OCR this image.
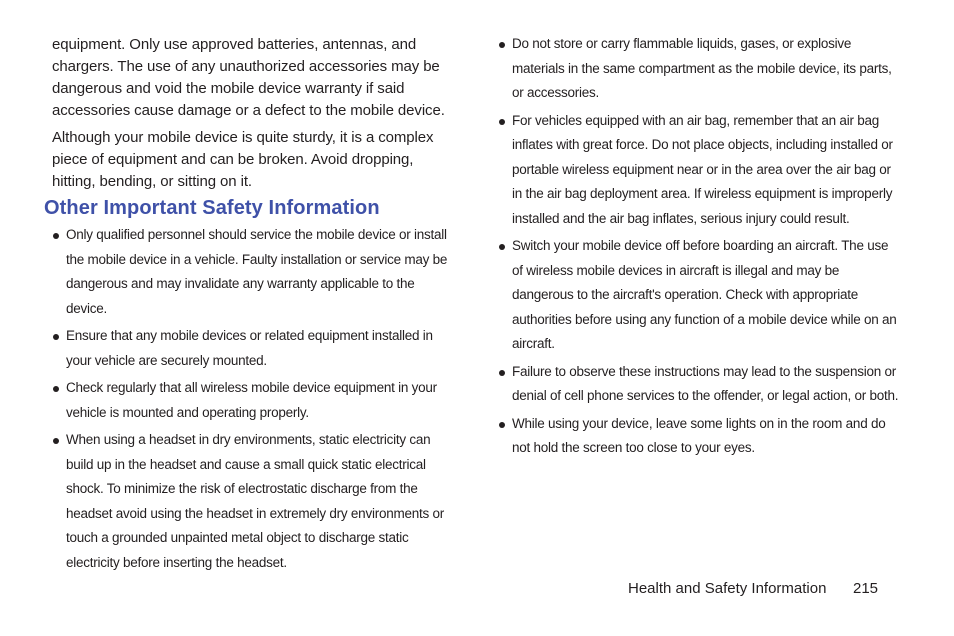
equipment. Only use approved batteries, antennas, and chargers. The use of any unauthorized accessories may be dangerous and void the mobile device warranty if said accessories cause damage or a defect to the mobile device.

Although your mobile device is quite sturdy, it is a complex piece of equipment and can be broken. Avoid dropping, hitting, bending, or sitting on it.

Other Important Safety Information
Only qualified personnel should service the mobile device or install the mobile device in a vehicle. Faulty installation or service may be dangerous and may invalidate any warranty applicable to the device.
Ensure that any mobile devices or related equipment installed in your vehicle are securely mounted.
Check regularly that all wireless mobile device equipment in your vehicle is mounted and operating properly.
When using a headset in dry environments, static electricity can build up in the headset and cause a small quick static electrical shock. To minimize the risk of electrostatic discharge from the headset avoid using the headset in extremely dry environments or touch a grounded unpainted metal object to discharge static electricity before inserting the headset.
Do not store or carry flammable liquids, gases, or explosive materials in the same compartment as the mobile device, its parts, or accessories.
For vehicles equipped with an air bag, remember that an air bag inflates with great force. Do not place objects, including installed or portable wireless equipment near or in the area over the air bag or in the air bag deployment area. If wireless equipment is improperly installed and the air bag inflates, serious injury could result.
Switch your mobile device off before boarding an aircraft. The use of wireless mobile devices in aircraft is illegal and may be dangerous to the aircraft's operation. Check with appropriate authorities before using any function of a mobile device while on an aircraft.
Failure to observe these instructions may lead to the suspension or denial of cell phone services to the offender, or legal action, or both.
While using your device, leave some lights on in the room and do not hold the screen too close to your eyes.
Health and Safety Information 215
